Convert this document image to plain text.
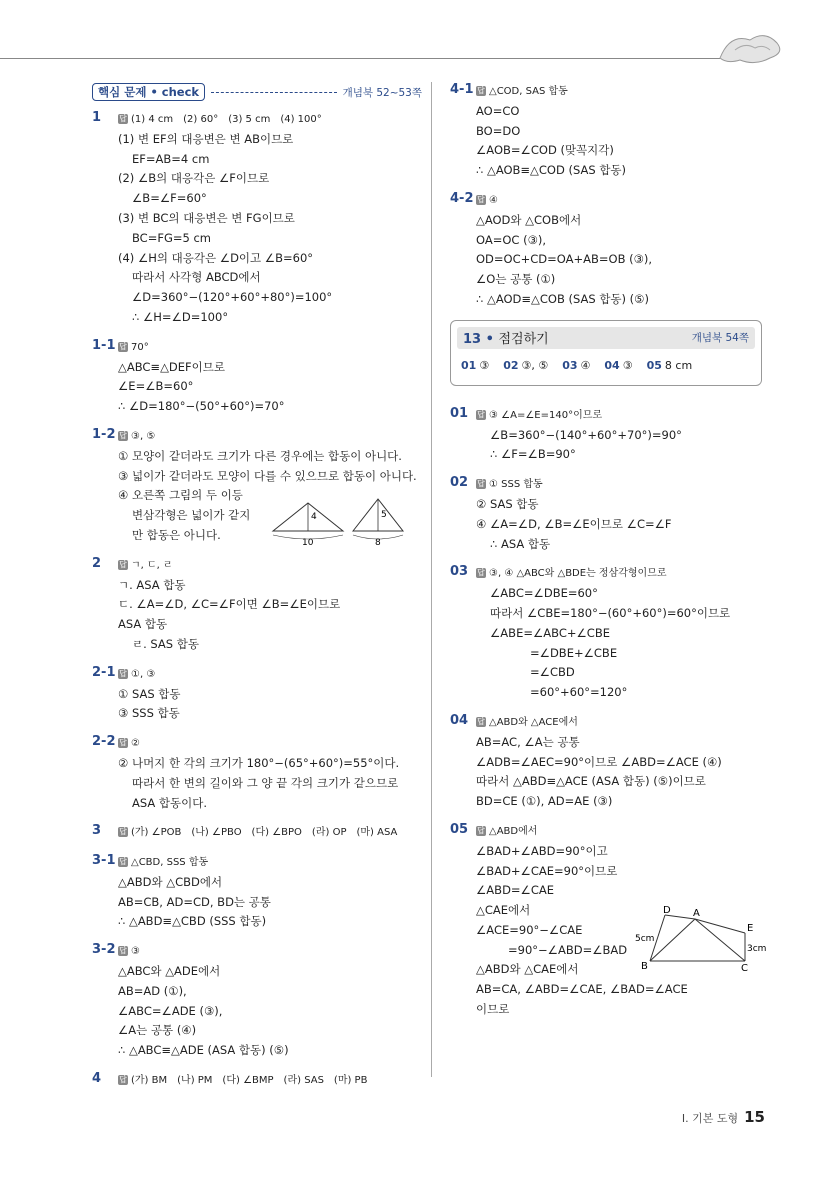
핵심 문제 • check	개념북 52~53쪽
1 답 (1) 4 cm　(2) 60°　(3) 5 cm　(4) 100°
(1) 변 EF의 대응변은 변 AB이므로
EF=AB=4 cm
(2) ∠B의 대응각은 ∠F이므로
∠B=∠F=60°
(3) 변 BC의 대응변은 변 FG이므로
BC=FG=5 cm
(4) ∠H의 대응각은 ∠D이고 ∠B=60°
따라서 사각형 ABCD에서
∠D=360°−(120°+60°+80°)=100°
∴ ∠H=∠D=100°
1-1 답 70°
△ABC≡△DEF이므로
∠E=∠B=60°
∴ ∠D=180°−(50°+60°)=70°
1-2 답 ③, ⑤
① 모양이 같더라도 크기가 다른 경우에는 합동이 아니다.
③ 넓이가 같더라도 모양이 다를 수 있으므로 합동이 아니다.
④ 오른쪽 그림의 두 이등
변삼각형은 넓이가 같지
만 합동은 아니다.
2 답 ㄱ, ㄷ, ㄹ
ㄱ. ASA 합동
ㄷ. ∠A=∠D, ∠C=∠F이면 ∠B=∠E이므로
ASA 합동
ㄹ. SAS 합동
2-1 답 ①, ③
① SAS 합동
③ SSS 합동
2-2 답 ②
② 나머지 한 각의 크기가 180°−(65°+60°)=55°이다.
따라서 한 변의 길이와 그 양 끝 각의 크기가 같으므로
ASA 합동이다.
3 답 (가) ∠POB　(나) ∠PBO　(다) ∠BPO　(라) OP　(마) ASA
3-1 답 △CBD, SSS 합동
△ABD와 △CBD에서
AB=CB, AD=CD, BD는 공통
∴ △ABD≡△CBD (SSS 합동)
3-2 답 ③
△ABC와 △ADE에서
AB=AD (①),
∠ABC=∠ADE (③),
∠A는 공통 (④)
∴ △ABC≡△ADE (ASA 합동) (⑤)
4 답 (가) BM　(나) PM　(다) ∠BMP　(라) SAS　(마) PB
4
10
5
8
4-1 답 △COD, SAS 합동
AO=CO
BO=DO
∠AOB=∠COD (맞꼭지각)
∴ △AOB≡△COD (SAS 합동)
4-2 답 ④
△AOD와 △COB에서
OA=OC (③),
OD=OC+CD=OA+AB=OB (③),
∠O는 공통 (①)
∴ △AOD≡△COB (SAS 합동) (⑤)
13 • 점검하기	개념북 54쪽
01 ③ 02 ③, ⑤ 03 ④ 04 ③ 05 8 cm
01 답 ③ ∠A=∠E=140°이므로
∠B=360°−(140°+60°+70°)=90°
∴ ∠F=∠B=90°
02 답 ① SSS 합동
② SAS 합동
④ ∠A=∠D, ∠B=∠E이므로 ∠C=∠F
∴ ASA 합동
03 답 ③, ④ △ABC와 △BDE는 정삼각형이므로
∠ABC=∠DBE=60°
따라서 ∠CBE=180°−(60°+60°)=60°이므로
∠ABE=∠ABC+∠CBE
=∠DBE+∠CBE
=∠CBD
=60°+60°=120°
04 답 △ABD와 △ACE에서
AB=AC, ∠A는 공통
∠ADB=∠AEC=90°이므로 ∠ABD=∠ACE (④)
따라서 △ABD≡△ACE (ASA 합동) (⑤)이므로
BD=CE (①), AD=AE (③)
05 답 △ABD에서
∠BAD+∠ABD=90°이고
∠BAD+∠CAE=90°이므로
∠ABD=∠CAE
△CAE에서
∠ACE=90°−∠CAE
=90°−∠ABD=∠BAD
△ABD와 △CAE에서
AB=CA, ∠ABD=∠CAE, ∠BAD=∠ACE
이므로
D A
E
B	C
5cm
3cm
I. 기본 도형 15
